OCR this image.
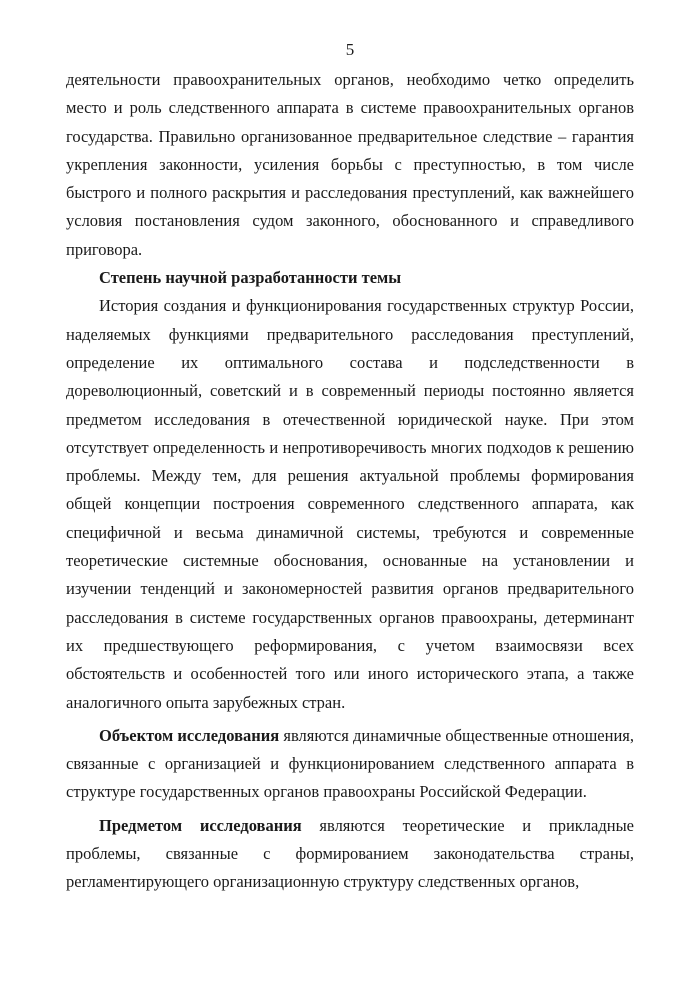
5

деятельности правоохранительных органов, необходимо четко определить место и роль следственного аппарата в системе правоохранительных органов государства. Правильно организованное предварительное следствие – гарантия укрепления законности, усиления борьбы с преступностью, в том числе быстрого и полного раскрытия и расследования преступлений, как важнейшего условия постановления судом законного, обоснованного и справедливого приговора.

Степень научной разработанности темы

История создания и функционирования государственных структур России, наделяемых функциями предварительного расследования преступлений, определение их оптимального состава и подследственности в дореволюционный, советский и в современный периоды постоянно является предметом исследования в отечественной юридической науке. При этом отсутствует определенность и непротиворечивость многих подходов к решению проблемы. Между тем, для решения актуальной проблемы формирования общей концепции построения современного следственного аппарата, как специфичной и весьма динамичной системы, требуются и современные теоретические системные обоснования, основанные на установлении и изучении тенденций и закономерностей развития органов предварительного расследования в системе государственных органов правоохраны, детерминант их предшествующего реформирования, с учетом взаимосвязи всех обстоятельств и особенностей того или иного исторического этапа, а также аналогичного опыта зарубежных стран.

Объектом исследования являются динамичные общественные отношения, связанные с организацией и функционированием следственного аппарата в структуре государственных органов правоохраны Российской Федерации.

Предметом исследования являются теоретические и прикладные проблемы, связанные с формированием законодательства страны, регламентирующего организационную структуру следственных органов,
